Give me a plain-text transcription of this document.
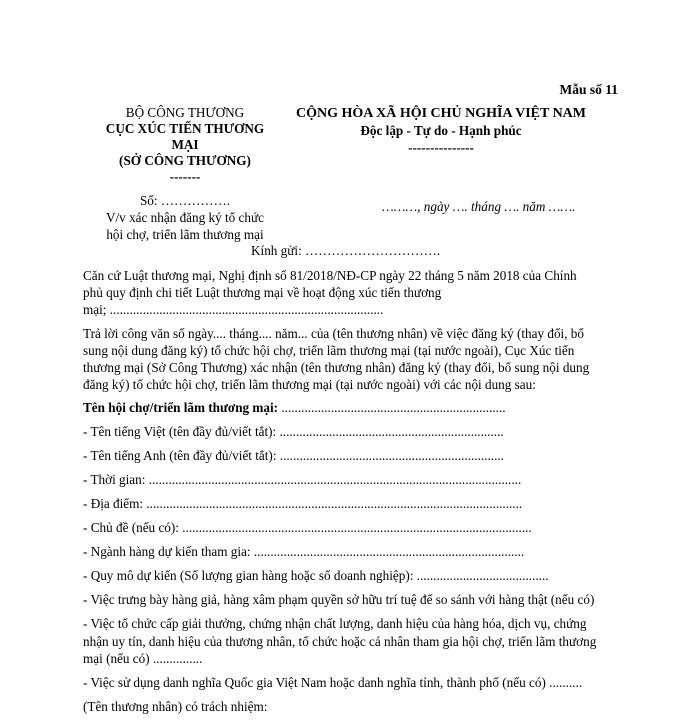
Mẫu số 11
BỘ CÔNG THƯƠNG
CỤC XÚC TIẾN THƯƠNG
MẠI
(SỞ CÔNG THƯƠNG)
-------
CỘNG HÒA XÃ HỘI CHỦ NGHĨA VIỆT NAM
Độc lập - Tự do - Hạnh phúc
---------------
Số: …………….
V/v xác nhận đăng ký tổ chức
hội chợ, triển lãm thương mại
………, ngày …. tháng …. năm …….
Kính gửi: ………………………….

Căn cứ Luật thương mại, Nghị định số 81/2018/NĐ-CP ngày 22 tháng 5 năm 2018 của Chính

phủ quy định chi tiết Luật thương mại về hoạt động xúc tiến thương

mại; ...................................................................................

Trả lời công văn số ngày.... tháng.... năm... của (tên thương nhân) về việc đăng ký (thay đổi, bổ

sung nội dung đăng ký) tổ chức hội chợ, triển lãm thương mại (tại nước ngoài), Cục Xúc tiến

thương mại (Sở Công Thương) xác nhận (tên thương nhân) đăng ký (thay đổi, bổ sung nội dung

đăng ký) tổ chức hội chợ, triển lãm thương mại (tại nước ngoài) với các nội dung sau:

Tên hội chợ/triển lãm thương mại: ....................................................................

- Tên tiếng Việt (tên đầy đủ/viết tắt): ....................................................................

- Tên tiếng Anh (tên đầy đủ/viết tắt): ....................................................................

- Thời gian: .................................................................................................................

- Địa điểm: ..................................................................................................................

- Chủ đề (nếu có): ..........................................................................................................

- Ngành hàng dự kiến tham gia: ..................................................................................

- Quy mô dự kiến (Số lượng gian hàng hoặc số doanh nghiệp): ........................................

- Việc trưng bày hàng giả, hàng xâm phạm quyền sở hữu trí tuệ để so sánh với hàng thật (nếu có)

- Việc tổ chức cấp giải thưởng, chứng nhận chất lượng, danh hiệu của hàng hóa, dịch vụ, chứng

nhận uy tín, danh hiệu của thương nhân, tổ chức hoặc cá nhân tham gia hội chợ, triển lãm thương

mại (nếu có) ...............

- Việc sử dụng danh nghĩa Quốc gia Việt Nam hoặc danh nghĩa tỉnh, thành phố (nếu có) ..........

(Tên thương nhân) có trách nhiệm:
